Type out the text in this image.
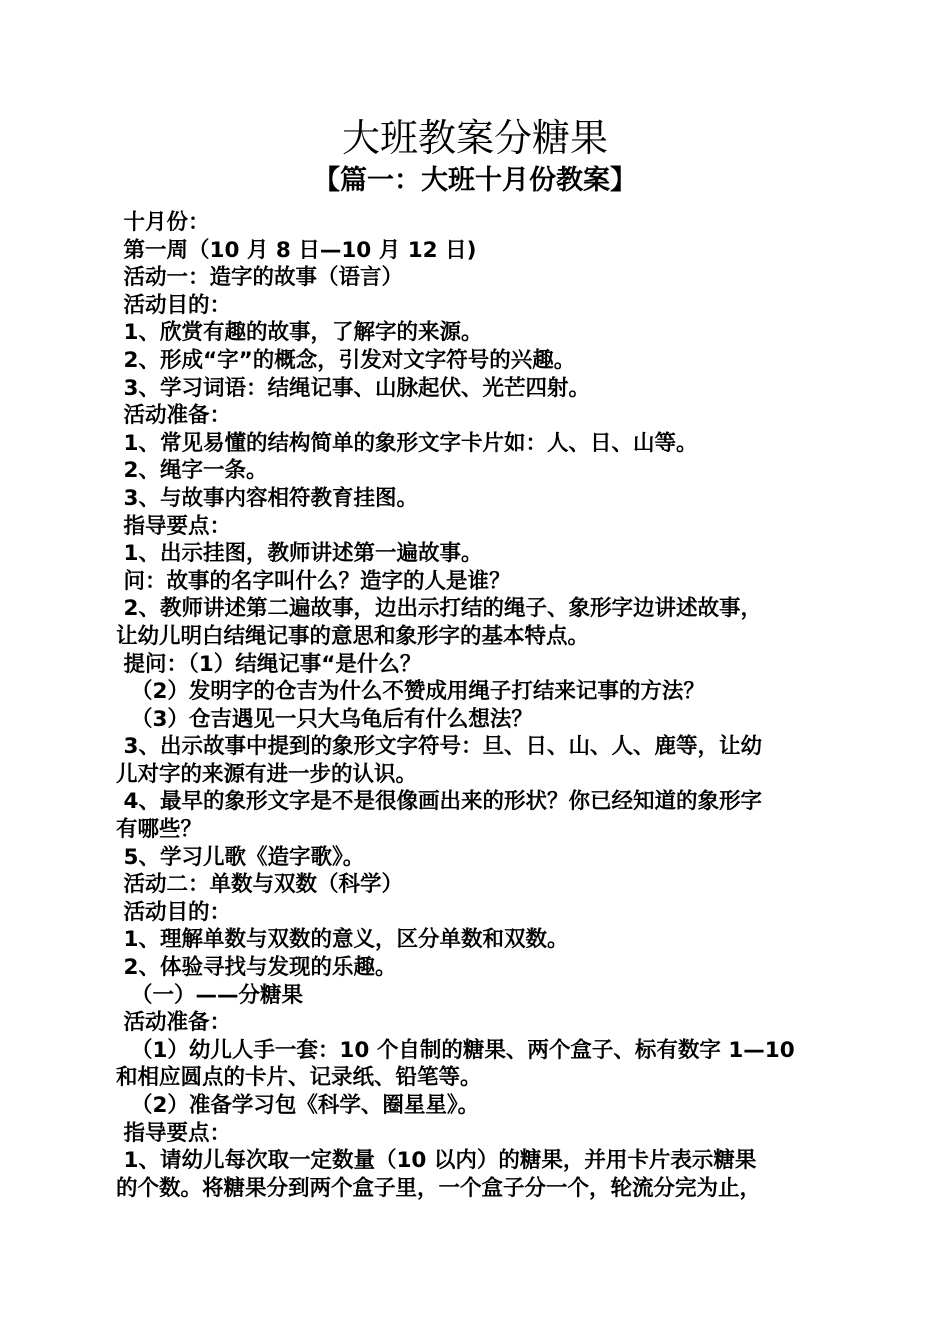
大班教案分糖果
【篇一：大班十月份教案】
十月份：
第一周（10 月 8 日—10 月 12 日)
活动一：造字的故事（语言）
活动目的：
1、欣赏有趣的故事，了解字的来源。
2、形成“字”的概念，引发对文字符号的兴趣。
3、学习词语：结绳记事、山脉起伏、光芒四射。
活动准备：
1、常见易懂的结构简单的象形文字卡片如：人、日、山等。
2、绳字一条。
3、与故事内容相符教育挂图。
指导要点：
1、出示挂图，教师讲述第一遍故事。
问：故事的名字叫什么？造字的人是谁？
2、教师讲述第二遍故事，边出示打结的绳子、象形字边讲述故事，
让幼儿明白结绳记事的意思和象形字的基本特点。
提问：（1）结绳记事“是什么？
（2）发明字的仓吉为什么不赞成用绳子打结来记事的方法？
（3）仓吉遇见一只大乌龟后有什么想法？
3、出示故事中提到的象形文字符号：旦、日、山、人、鹿等，让幼
儿对字的来源有进一步的认识。
4、最早的象形文字是不是很像画出来的形状？你已经知道的象形字
有哪些？
5、学习儿歌《造字歌》。
活动二：单数与双数（科学）
活动目的：
1、理解单数与双数的意义，区分单数和双数。
2、体验寻找与发现的乐趣。
（一）——分糖果
活动准备：
（1）幼儿人手一套：10 个自制的糖果、两个盒子、标有数字 1—10
和相应圆点的卡片、记录纸、铅笔等。
（2）准备学习包《科学、圈星星》。
指导要点：
1、请幼儿每次取一定数量（10 以内）的糖果，并用卡片表示糖果
的个数。将糖果分到两个盒子里，一个盒子分一个，轮流分完为止，
